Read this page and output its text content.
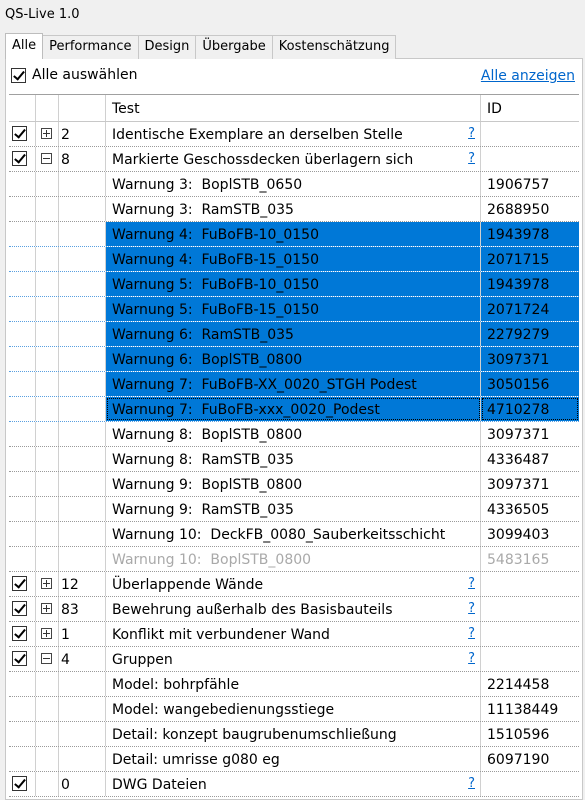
QS-Live 1.0
Alle	Performance	Design	Übergabe	Kostenschätzung
Alle auswählen	Alle anzeigen
Test	ID
2	Identische Exemplare an derselben Stelle	?
8	Markierte Geschossdecken überlagern sich	?
Warnung 3:  BoplSTB_0650	1906757
Warnung 3:  RamSTB_035	2688950
Warnung 4:  FuBoFB-10_0150	1943978
Warnung 4:  FuBoFB-15_0150	2071715
Warnung 5:  FuBoFB-10_0150	1943978
Warnung 5:  FuBoFB-15_0150	2071724
Warnung 6:  RamSTB_035	2279279
Warnung 6:  BoplSTB_0800	3097371
Warnung 7:  FuBoFB-XX_0020_STGH Podest	3050156
Warnung 7:  FuBoFB-xxx_0020_Podest	4710278
Warnung 8:  BoplSTB_0800	3097371
Warnung 8:  RamSTB_035	4336487
Warnung 9:  BoplSTB_0800	3097371
Warnung 9:  RamSTB_035	4336505
Warnung 10:  DeckFB_0080_Sauberkeitsschicht	3099403
Warnung 10:  BoplSTB_0800	5483165
12 Überlappende Wände	?
83 Bewehrung außerhalb des Basisbauteils	?
1	Konflikt mit verbundener Wand	?
4	Gruppen	?
Model: bohrpfähle	2214458
Model: wangebedienungsstiege	11138449
Detail: konzept baugrubenumschließung	1510596
Detail: umrisse g080 eg	6097190
0	DWG Dateien	?
